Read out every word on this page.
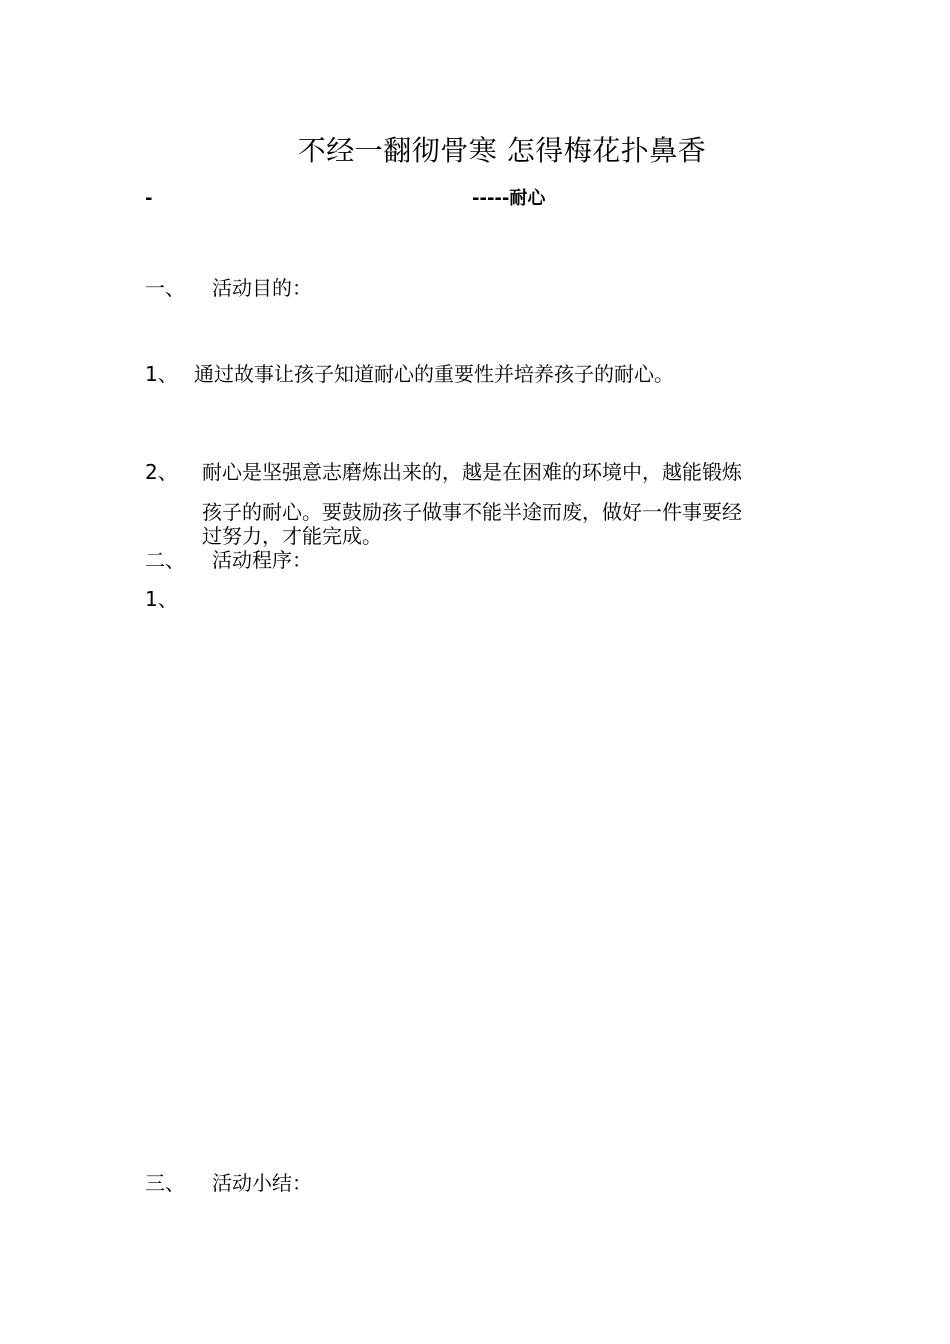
不经一翻彻骨寒 怎得梅花扑鼻香
-	-----耐心
一、 活动目的：
1、 通过故事让孩子知道耐心的重要性并培养孩子的耐心。
2、 耐心是坚强意志磨炼出来的，越是在困难的环境中，越能锻炼
孩子的耐心。要鼓励孩子做事不能半途而废，做好一件事要经
过努力，才能完成。
二、 活动程序：
1、
三、 活动小结：
